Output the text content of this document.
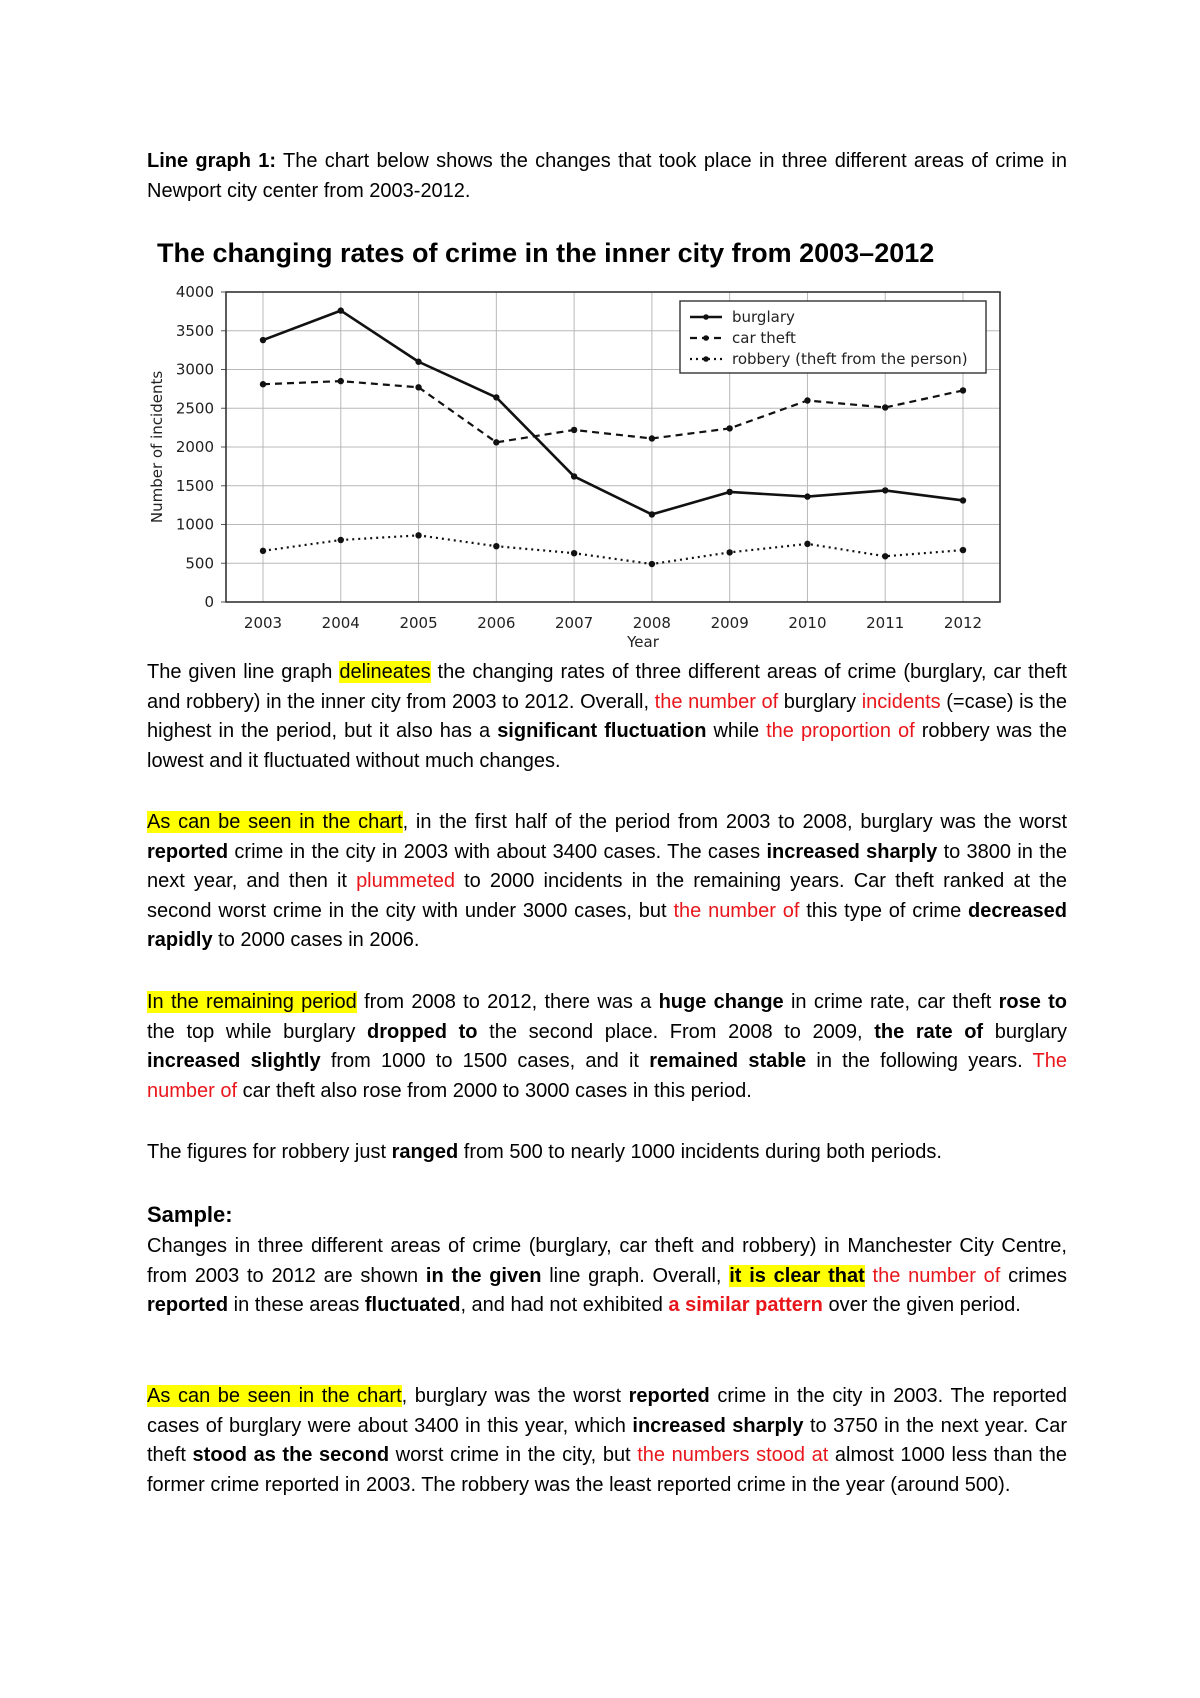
Line graph 1: The chart below shows the changes that took place in three different areas of crime in Newport city center from 2003-2012.
The changing rates of crime in the inner city from 2003–2012
0
500
1000
1500
2000
2500
3000
3500
4000
2003	2004	2005	2006	2007	2008	2009	2010	2011	2012
Year
Number of incidents
burglary
car theft
robbery (theft from the person)
The given line graph delineates the changing rates of three different areas of crime (burglary, car theft and robbery) in the inner city from 2003 to 2012. Overall, the number of burglary incidents (=case) is the highest in the period, but it also has a significant fluctuation while the proportion of robbery was the lowest and it fluctuated without much changes.
As can be seen in the chart, in the first half of the period from 2003 to 2008, burglary was the worst reported crime in the city in 2003 with about 3400 cases. The cases increased sharply to 3800 in the next year, and then it plummeted to 2000 incidents in the remaining years. Car theft ranked at the second worst crime in the city with under 3000 cases, but the number of this type of crime decreased rapidly to 2000 cases in 2006.
In the remaining period from 2008 to 2012, there was a huge change in crime rate, car theft rose to the top while burglary dropped to the second place. From 2008 to 2009, the rate of burglary increased slightly from 1000 to 1500 cases, and it remained stable in the following years. The number of car theft also rose from 2000 to 3000 cases in this period.
The figures for robbery just ranged from 500 to nearly 1000 incidents during both periods.
Sample:
Changes in three different areas of crime (burglary, car theft and robbery) in Manchester City Centre, from 2003 to 2012 are shown in the given line graph. Overall, it is clear that the number of crimes reported in these areas fluctuated, and had not exhibited a similar pattern over the given period.
As can be seen in the chart, burglary was the worst reported crime in the city in 2003. The reported cases of burglary were about 3400 in this year, which increased sharply to 3750 in the next year. Car theft stood as the second worst crime in the city, but the numbers stood at almost 1000 less than the former crime reported in 2003. The robbery was the least reported crime in the year (around 500).
